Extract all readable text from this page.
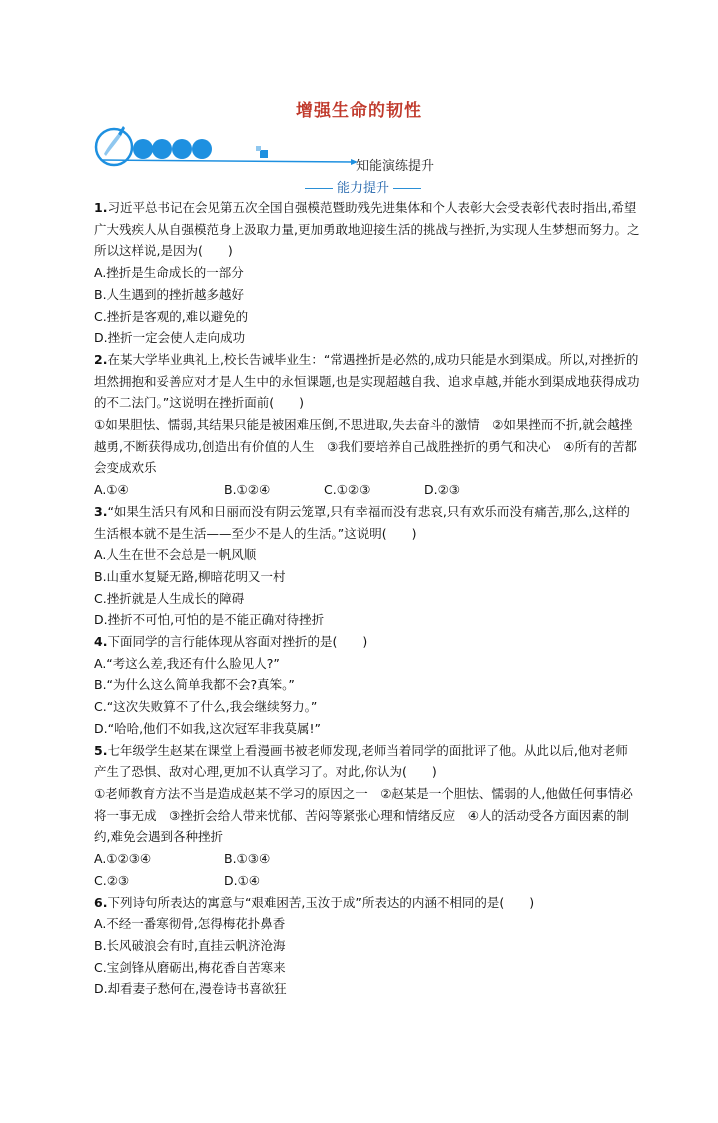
增强生命的韧性
知能演练提升
能力提升
1.习近平总书记在会见第五次全国自强模范暨助残先进集体和个人表彰大会受表彰代表时指出,希望广大残疾人从自强模范身上汲取力量,更加勇敢地迎接生活的挑战与挫折,为实现人生梦想而努力。之所以这样说,是因为(　　)
A.挫折是生命成长的一部分
B.人生遇到的挫折越多越好
C.挫折是客观的,难以避免的
D.挫折一定会使人走向成功
2.在某大学毕业典礼上,校长告诫毕业生：“常遇挫折是必然的,成功只能是水到渠成。所以,对挫折的坦然拥抱和妥善应对才是人生中的永恒课题,也是实现超越自我、追求卓越,并能水到渠成地获得成功的不二法门。”这说明在挫折面前(　　)
①如果胆怯、懦弱,其结果只能是被困难压倒,不思进取,失去奋斗的激情　②如果挫而不折,就会越挫越勇,不断获得成功,创造出有价值的人生　③我们要培养自己战胜挫折的勇气和决心　④所有的苦都会变成欢乐
A.①④	B.①②④	C.①②③	D.②③
3.“如果生活只有风和日丽而没有阴云笼罩,只有幸福而没有悲哀,只有欢乐而没有痛苦,那么,这样的生活根本就不是生活——至少不是人的生活。”这说明(　　)
A.人生在世不会总是一帆风顺
B.山重水复疑无路,柳暗花明又一村
C.挫折就是人生成长的障碍
D.挫折不可怕,可怕的是不能正确对待挫折
4.下面同学的言行能体现从容面对挫折的是(　　)
A.“考这么差,我还有什么脸见人?”
B.“为什么这么简单我都不会?真笨。”
C.“这次失败算不了什么,我会继续努力。”
D.“哈哈,他们不如我,这次冠军非我莫属!”
5.七年级学生赵某在课堂上看漫画书被老师发现,老师当着同学的面批评了他。从此以后,他对老师产生了恐惧、敌对心理,更加不认真学习了。对此,你认为(　　)
①老师教育方法不当是造成赵某不学习的原因之一　②赵某是一个胆怯、懦弱的人,他做任何事情必将一事无成　③挫折会给人带来忧郁、苦闷等紧张心理和情绪反应　④人的活动受各方面因素的制约,难免会遇到各种挫折
A.①②③④	B.①③④
C.②③	D.①④
6.下列诗句所表达的寓意与“艰难困苦,玉汝于成”所表达的内涵不相同的是(　　)
A.不经一番寒彻骨,怎得梅花扑鼻香
B.长风破浪会有时,直挂云帆济沧海
C.宝剑锋从磨砺出,梅花香自苦寒来
D.却看妻子愁何在,漫卷诗书喜欲狂
